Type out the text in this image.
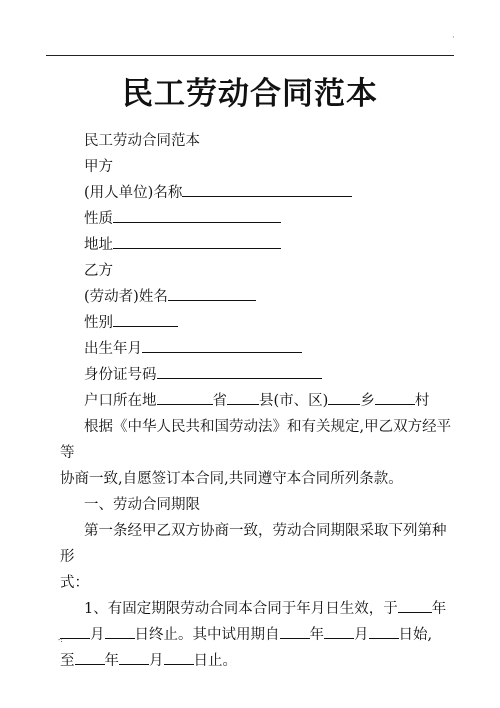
'
民工劳动合同范本

民工劳动合同范本

甲方

(用人单位)名称

性质

地址

乙方

(劳动者)姓名

性别

出生年月

身份证号码

户口所在地	省 县(市、区) 乡	村

根据《中华人民共和国劳动法》和有关规定,甲乙双方经平等

协商一致,自愿签订本合同,共同遵守本合同所列条款。

一、劳动合同期限

第一条经甲乙双方协商一致，劳动合同期限采取下列第种形

式：

1、有固定期限劳动合同本合同于年月日生效，于 年

月 日终止。其中试用期自 年 月 日始,

至 年 月 日止。

-:
